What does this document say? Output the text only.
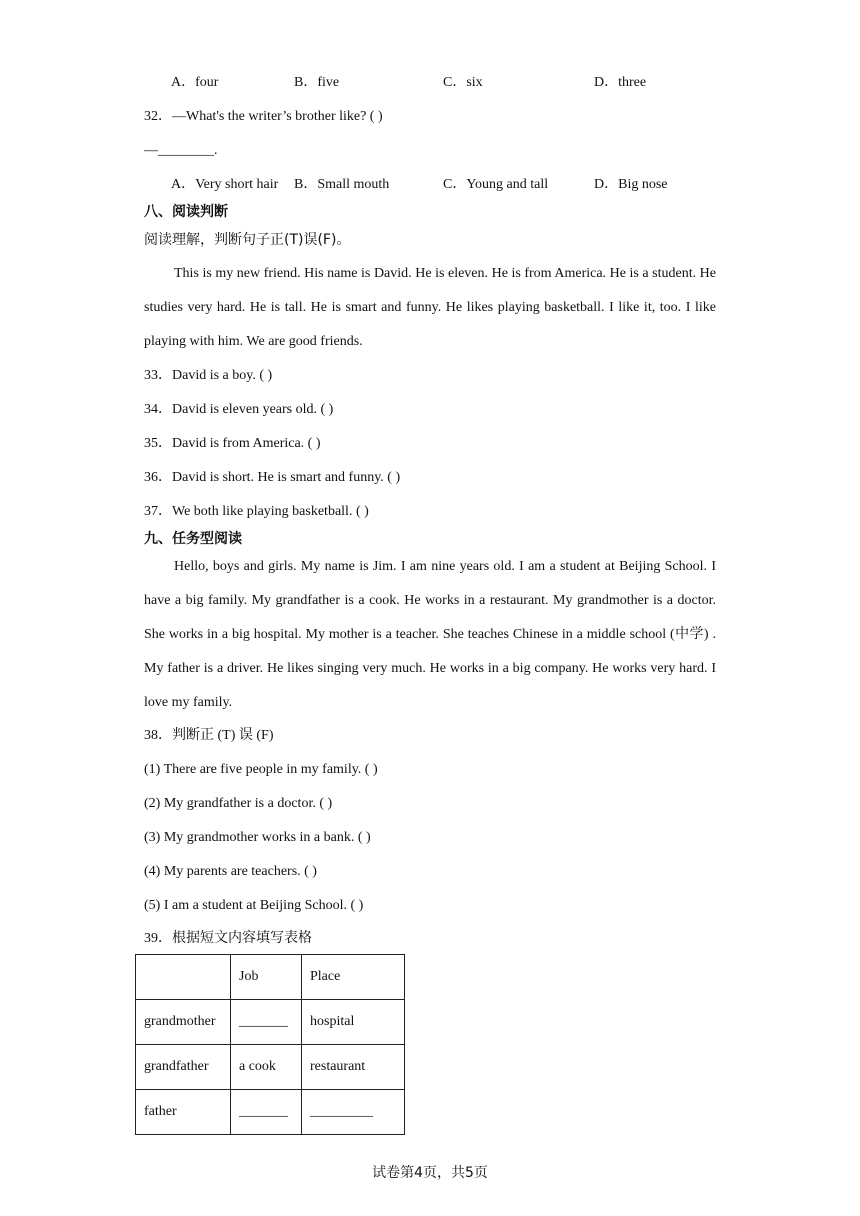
A．four	B．five	C．six	D．three
32．—What's the writer’s brother like? ( )
—________.
A．Very short hair B．Small mouth	C．Young and tall	D．Big nose
八、阅读判断
阅读理解，判断句子正(T)误(F)。
This is my new friend. His name is David. He is eleven. He is from America. He is a student. He studies very hard. He is tall. He is smart and funny. He likes playing basketball. I like it, too. I like playing with him. We are good friends.
33．David is a boy. ( )
34．David is eleven years old. ( )
35．David is from America. ( )
36．David is short. He is smart and funny. ( )
37．We both like playing basketball. ( )
九、任务型阅读
Hello, boys and girls. My name is Jim. I am nine years old. I am a student at Beijing School. I have a big family. My grandfather is a cook. He works in a restaurant. My grandmother is a doctor. She works in a big hospital. My mother is a teacher. She teaches Chinese in a middle school (中学) . My father is a driver. He likes singing very much. He works in a big company. He works very hard. I love my family.
38．判断正 (T) 误 (F)
(1) There are five people in my family. ( )
(2) My grandfather is a doctor. ( )
(3) My grandmother works in a bank. ( )
(4) My parents are teachers. ( )
(5) I am a student at Beijing School. ( )
39．根据短文内容填写表格
	Job	Place
grandmother	_______	hospital
grandfather	a cook	restaurant
father	_______	_________
试卷第4页，共5页
